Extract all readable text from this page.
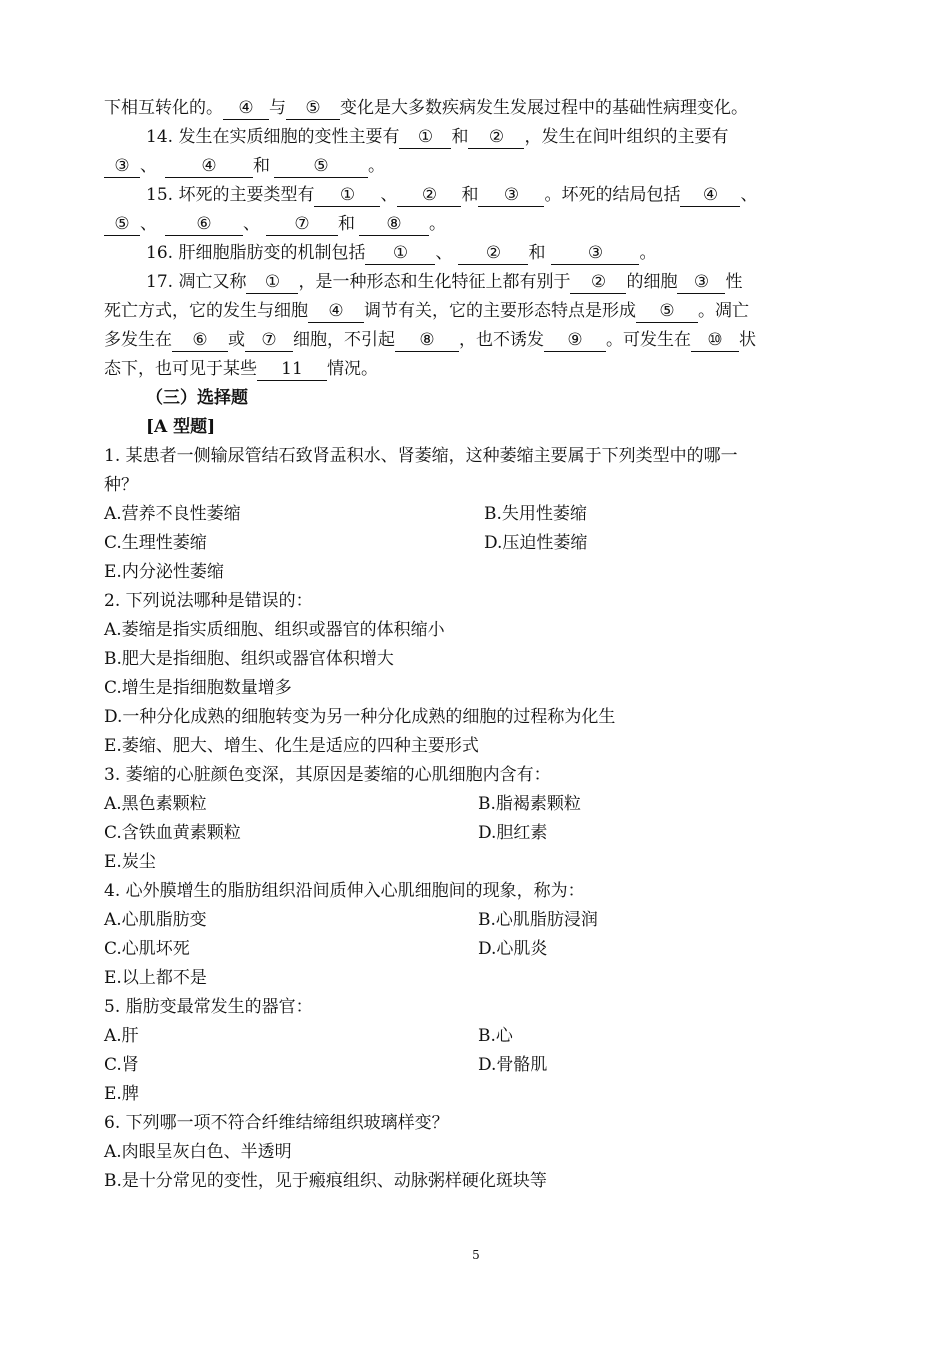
下相互转化的。 ④ 与 ⑤ 变化是大多数疾病发生发展过程中的基础性病理变化。
14. 发生在实质细胞的变性主要有 ① 和 ② ，发生在间叶组织的主要有
③ 、	④ 和	⑤ 。
15. 坏死的主要类型有 ① 、 ② 和 ③ 。坏死的结局包括 ④ 、
⑤ 、 ⑥ 、 ⑦ 和 ⑧ 。
16. 肝细胞脂肪变的机制包括 ① 、 ② 和 ③ 。
17. 凋亡又称 ① ，是一种形态和生化特征上都有别于 ② 的细胞 ③ 性
死亡方式，它的发生与细胞 ④ 调节有关，它的主要形态特点是形成 ⑤ 。凋亡
多发生在 ⑥ 或 ⑦ 细胞，不引起 ⑧ ，也不诱发 ⑨ 。可发生在 ⑩ 状
态下，也可见于某些 11 情况。
（三）选择题
[A 型题]
1. 某患者一侧输尿管结石致肾盂积水、肾萎缩，这种萎缩主要属于下列类型中的哪一
种？
A.营养不良性萎缩	B.失用性萎缩
C.生理性萎缩	D.压迫性萎缩
E.内分泌性萎缩
2. 下列说法哪种是错误的：
A.萎缩是指实质细胞、组织或器官的体积缩小
B.肥大是指细胞、组织或器官体积增大
C.增生是指细胞数量增多
D.一种分化成熟的细胞转变为另一种分化成熟的细胞的过程称为化生
E.萎缩、肥大、增生、化生是适应的四种主要形式
3. 萎缩的心脏颜色变深，其原因是萎缩的心肌细胞内含有：
A.黑色素颗粒	B.脂褐素颗粒
C.含铁血黄素颗粒	D.胆红素
E.炭尘
4. 心外膜增生的脂肪组织沿间质伸入心肌细胞间的现象，称为：
A.心肌脂肪变	B.心肌脂肪浸润
C.心肌坏死	D.心肌炎
E.以上都不是
5. 脂肪变最常发生的器官：
A.肝	B.心
C.肾	D.骨骼肌
E.脾
6. 下列哪一项不符合纤维结缔组织玻璃样变？
A.肉眼呈灰白色、半透明
B.是十分常见的变性，见于瘢痕组织、动脉粥样硬化斑块等
5
